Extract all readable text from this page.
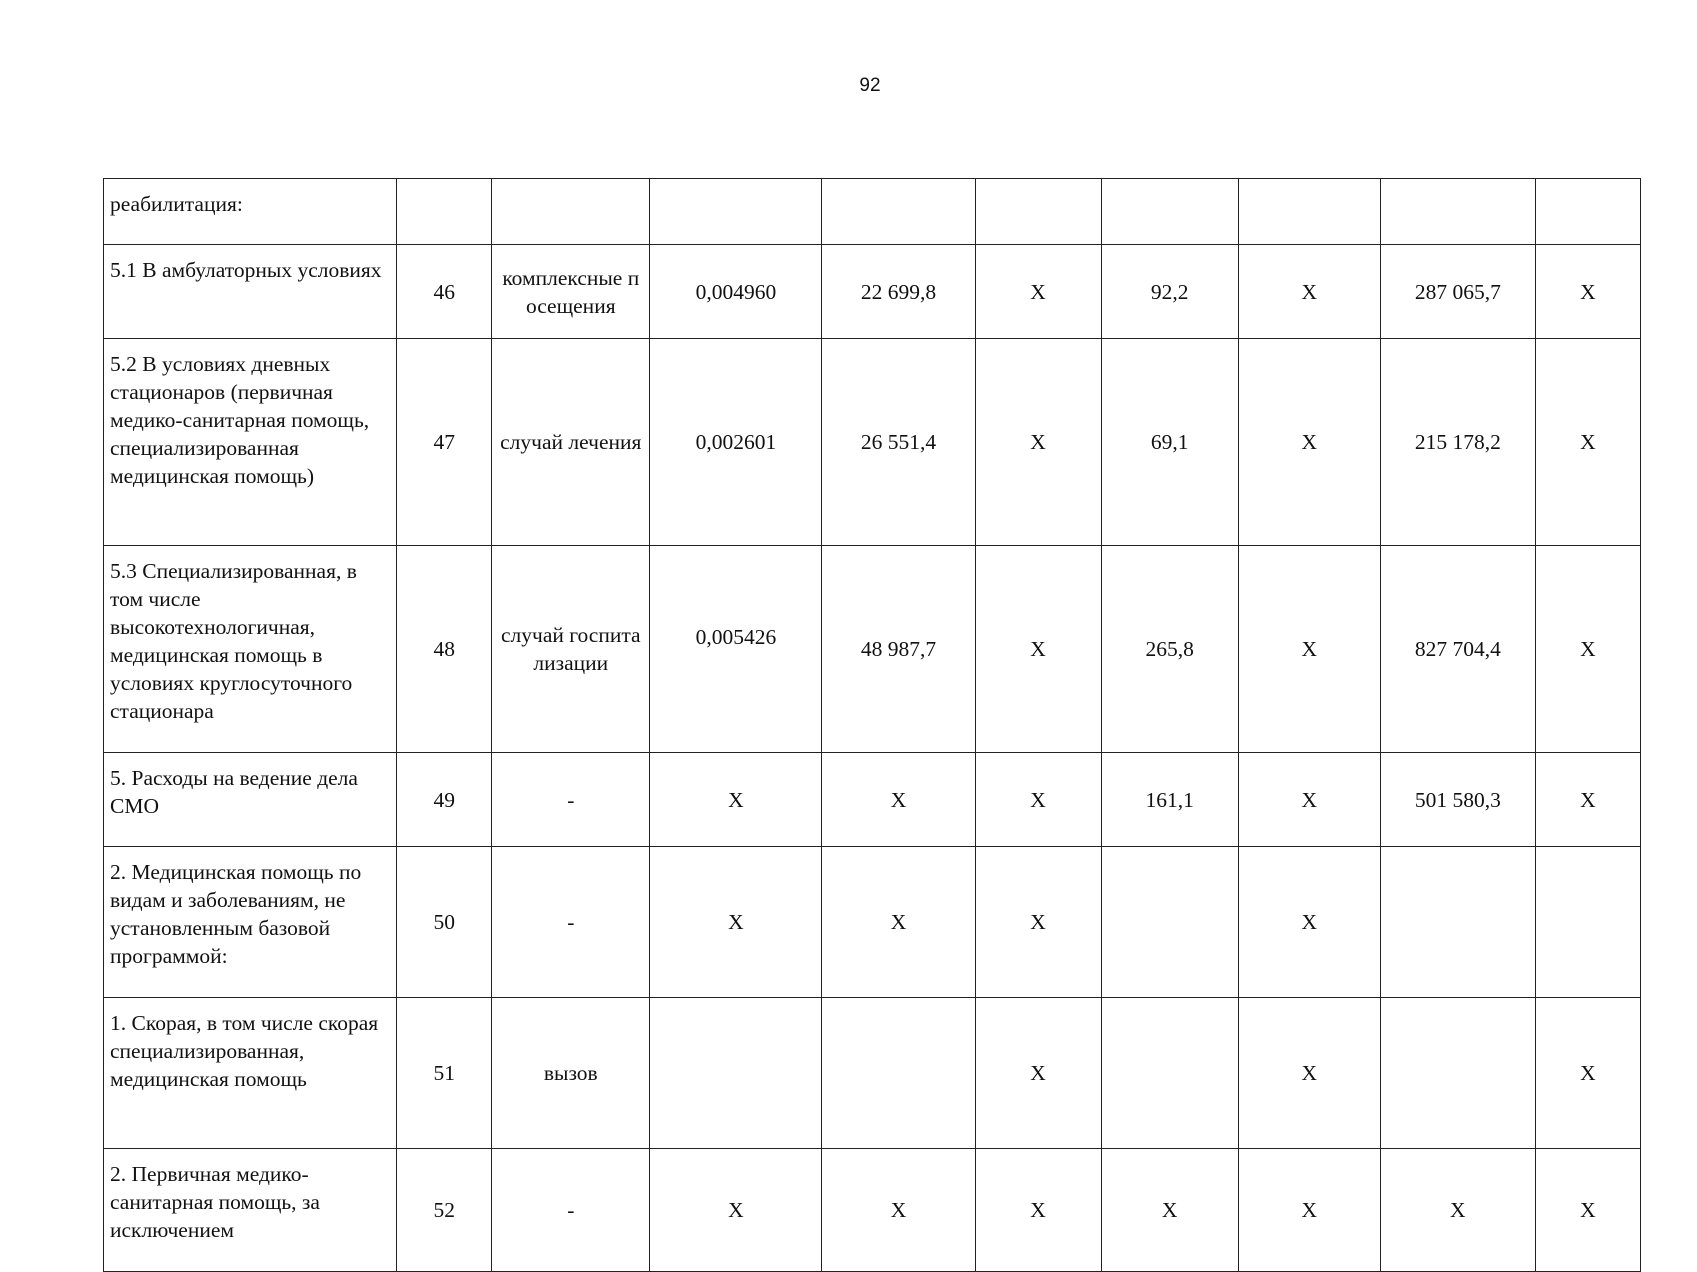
92
реабилитация:									
5.1 В амбулаторных условиях	46	комплексные посещения	0,004960	22 699,8	Х	92,2	Х	287 065,7	Х
5.2 В условиях дневных стационаров (первичная медико-санитарная помощь, специализированная медицинская помощь)	47	случай лечения	0,002601	26 551,4	Х	69,1	Х	215 178,2	Х
5.3 Специализированная, в том числе высокотехнологичная, медицинская помощь в условиях круглосуточного стационара	48	случай госпитализации	0,005426	48 987,7	Х	265,8	Х	827 704,4	Х
5. Расходы на ведение дела СМО	49	-	Х	Х	Х	161,1	Х	501 580,3	Х
2. Медицинская помощь по видам и заболеваниям, не установленным базовой программой:	50	-	Х	Х	Х		Х		
1. Скорая, в том числе скорая специализированная, медицинская помощь	51	вызов			Х		Х		Х
2. Первичная медико-санитарная помощь, за исключением	52	-	Х	Х	Х	Х	Х	Х	Х
